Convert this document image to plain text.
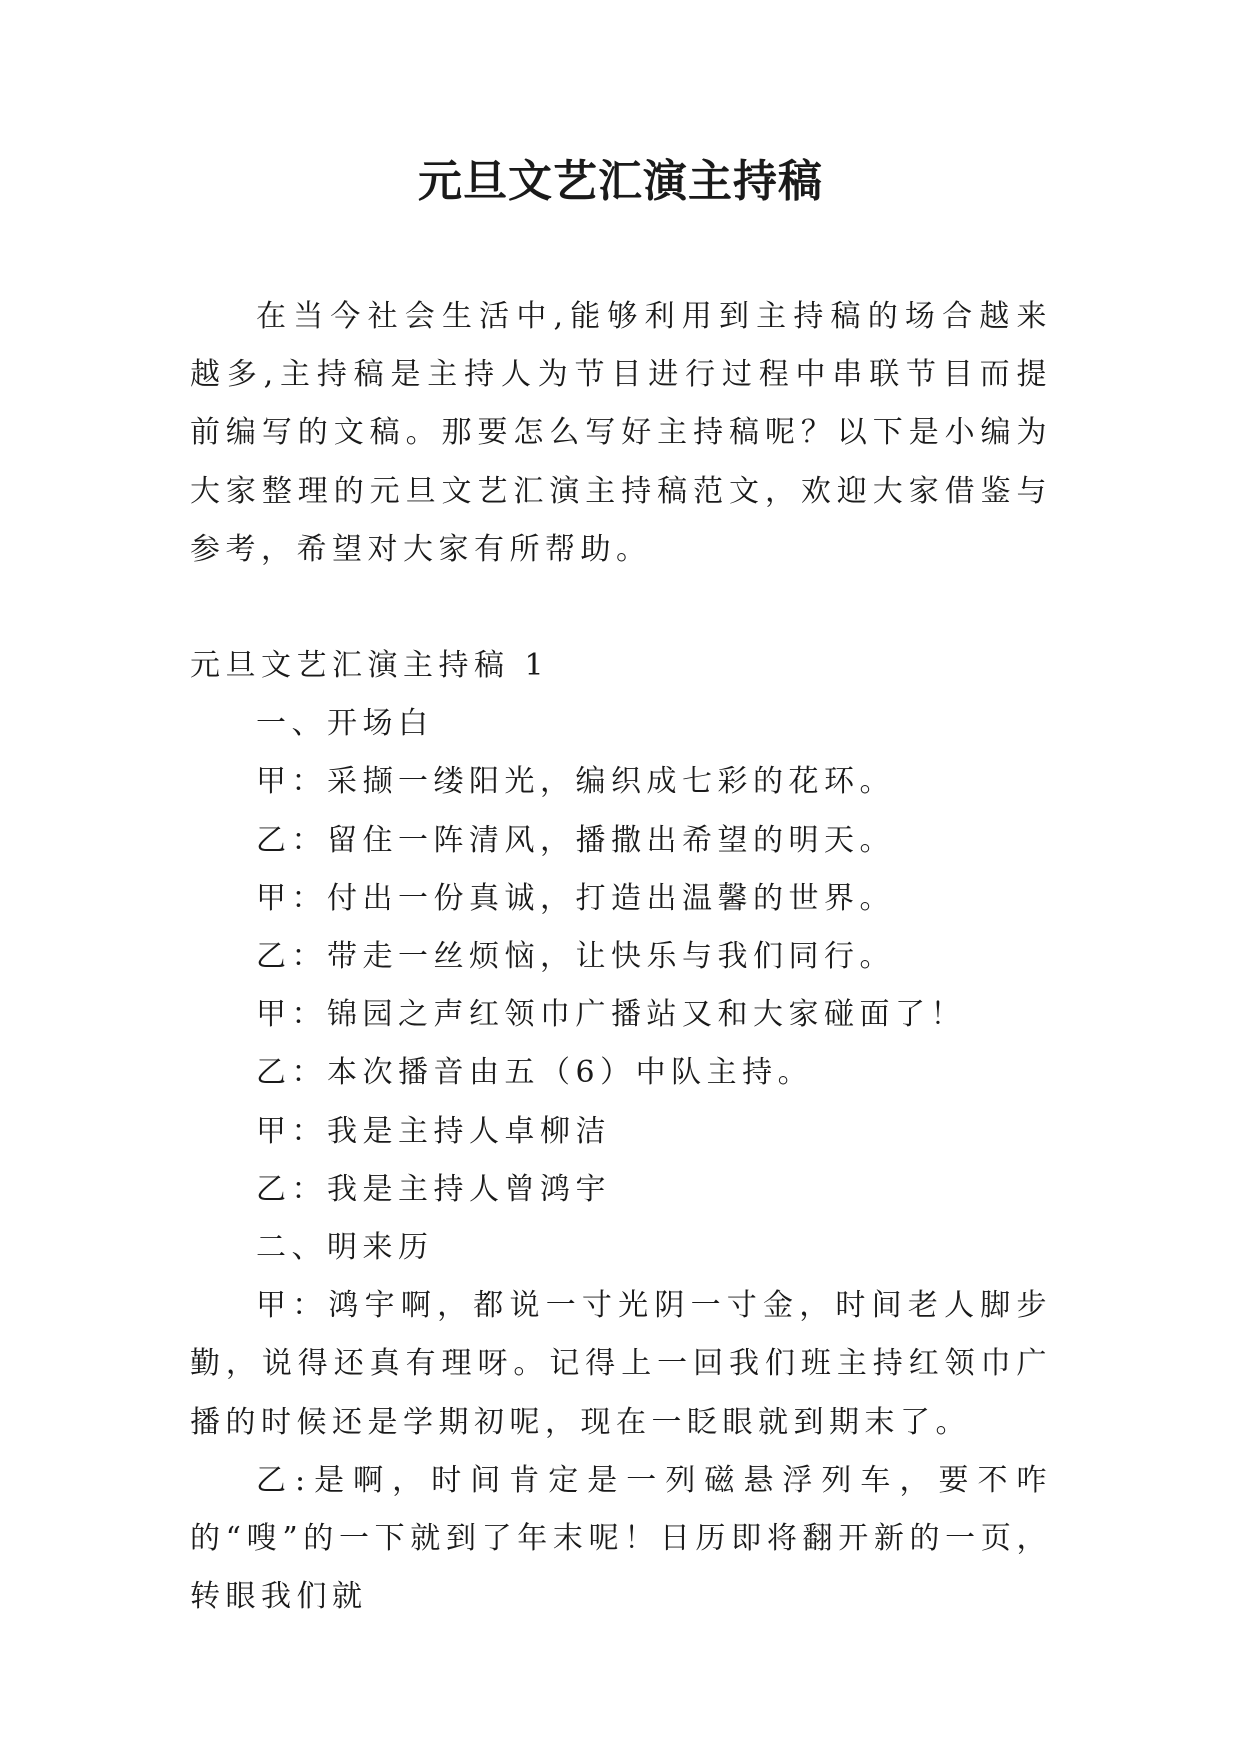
元旦文艺汇演主持稿

在当今社会生活中,能够利用到主持稿的场合越来越多,主持稿是主持人为节目进行过程中串联节目而提前编写的文稿。那要怎么写好主持稿呢？以下是小编为大家整理的元旦文艺汇演主持稿范文，欢迎大家借鉴与参考，希望对大家有所帮助。

元旦文艺汇演主持稿 1

一、开场白

甲：采撷一缕阳光，编织成七彩的花环。

乙：留住一阵清风，播撒出希望的明天。

甲：付出一份真诚，打造出温馨的世界。

乙：带走一丝烦恼，让快乐与我们同行。

甲：锦园之声红领巾广播站又和大家碰面了！

乙：本次播音由五（6）中队主持。

甲：我是主持人卓柳洁

乙：我是主持人曾鸿宇

二、明来历

甲：鸿宇啊，都说一寸光阴一寸金，时间老人脚步勤，说得还真有理呀。记得上一回我们班主持红领巾广播的时候还是学期初呢，现在一眨眼就到期末了。

乙:是啊，时间肯定是一列磁悬浮列车，要不咋的“嗖”的一下就到了年末呢！日历即将翻开新的一页，转眼我们就
